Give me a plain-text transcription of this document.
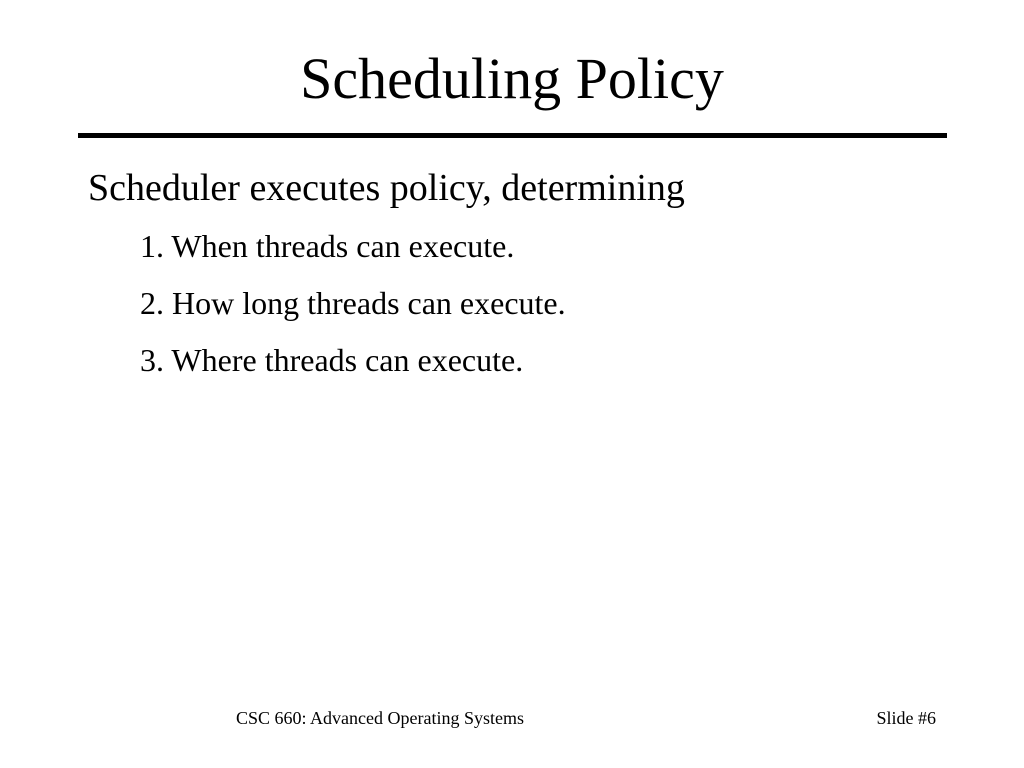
Scheduling Policy
Scheduler executes policy, determining
1. When threads can execute.
2. How long threads can execute.
3. Where threads can execute.
CSC 660: Advanced Operating Systems	Slide #6
